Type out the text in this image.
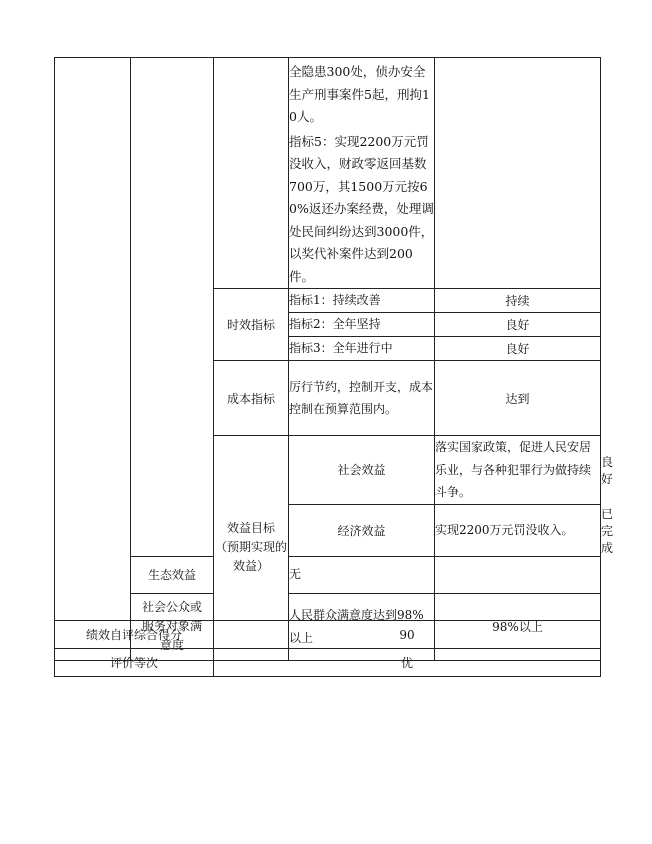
			全隐患300处，侦办安全生产刑事案件5起，刑拘10人。
指标5：实现2200万元罚没收入，财政零返回基数700万，其1500万元按60%返还办案经费，处理调处民间纠纷达到3000件，以奖代补案件达到200件。		

		时效指标	指标1：持续改善	持续	
			指标2：全年坚持	良好	
			指标3：全年进行中	良好	
		成本指标	厉行节约，控制开支，成本控制在预算范围内。	达到	

		效益目标
（预期实现的
效益）	社会效益	落实国家政策，促进人民安居乐业，与各种犯罪行为做持续斗争。	良好
			经济效益	实现2200万元罚没收入。	已完成
	生态效益		无		

	社会公众或
服务对象满
意度		人民群众满意度达到98%以上	98%以上	
绩效自评综合得分	90
评价等次	优
